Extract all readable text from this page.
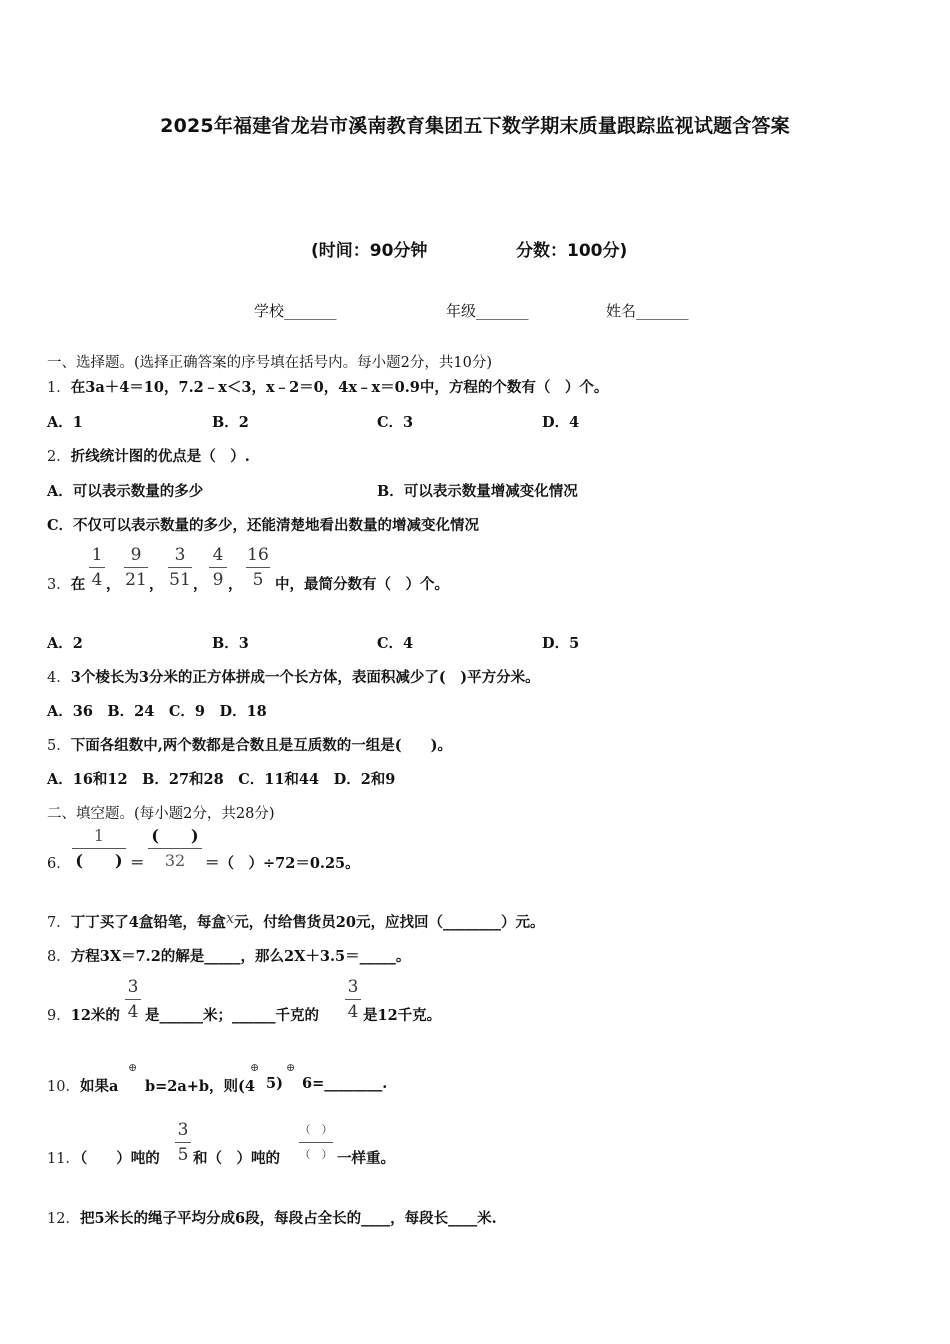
2025年福建省龙岩市溪南教育集团五下数学期末质量跟踪监视试题含答案
(时间：90分钟	分数：100分)
学校_______	年级_______	姓名_______
一、选择题。(选择正确答案的序号填在括号内。每小题2分，共10分)
1．在3a＋4＝10，7.2﹣x＜3，x﹣2＝0，4x﹣x＝0.9中，方程的个数有（　）个。
A．1	B．2	C．3	D．4
2．折线统计图的优点是（　）.
A．可以表示数量的多少	B．可以表示数量增减变化情况
C．不仅可以表示数量的多少，还能清楚地看出数量的增减变化情况
3．在
1
4 ，
9
21 ，
3
51 ，
4
9 ，
16
5 中，最简分数有（　）个。
A．2	B．3	C．4	D．5
4．3个棱长为3分米的正方体拼成一个长方体，表面积减少了(　)平方分米。
A．36　B．24　C．9　D．18
5．下面各组数中,两个数都是合数且是互质数的一组是(　　)。
A．16和12　B．27和28　C．11和44　D．2和9
二、填空题。(每小题2分，共28分)
6．
1
(　　) ＝
(　　)
32	＝（　）÷72＝0.25。
7．丁丁买了4盒铅笔，每盒x元，付给售货员20元，应找回（________）元。
8．方程3X＝7.2的解是_____，那么2X＋3.5＝_____。
9．12米的
3
4 是______米；______千克的
3
4 是12千克。
10．如果a
⊕
b=2a+b，则(4
⊕
5)
⊕
6=________.
11．（　　）吨的
3
5 和（　）吨的
（　）
（　） 一样重。
12．把5米长的绳子平均分成6段，每段占全长的____，每段长____米.
